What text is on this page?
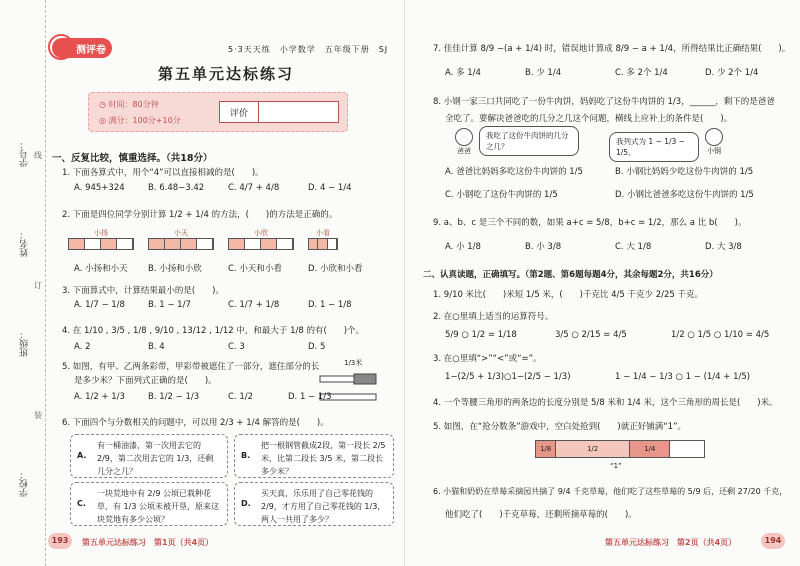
学校：
班级：
姓名：
学号： 线
订
装
测评卷	5·3天天练　小学数学　五年级下册　SJ
第五单元达标练习
◷ 时间：80分钟
◎ 满分：100分+10分
评价
一、反复比较，慎重选择。（共18分）
1. 下面各算式中，用个“4”可以直接相减的是(　　)。
A. 945+324	B. 6.48−3.42	C. 4/7 + 4/8	D. 4 − 1/4
2. 下面是四位同学分别计算 1/2 + 1/4 的方法，(　　)的方法是正确的。
小扬	小天	小欣	小看
A. 小扬和小天 B. 小扬和小欣	C. 小天和小看	D. 小欣和小看
3. 下面算式中，计算结果最小的是(　　)。
A. 1/7 − 1/8	B. 1 − 1/7	C. 1/7 + 1/8	D. 1 − 1/8
4. 在 1/10 , 3/5 , 1/8 , 9/10 , 13/12 , 1/12 中，和最大于 1/8 的有(　　)个。
A. 2	B. 4	C. 3	D. 5
5. 如图，有甲、乙两条彩带，甲彩带被遮住了一部分，遮住部分的长
是多少米？下面列式正确的是(　　)。
1/3米
A. 1/2 + 1/3	B. 1/2 − 1/3	C. 1/2	D. 1 − 1/3
6. 下面四个与分数相关的问题中，可以用 2/3 + 1/4 解答的是(　　)。
A.
有一桶油漆，第一次用去它的 2/9，第二次用去它的 1/3，还剩几分之几？
B.
把一根钢管截成2段，第一段长 2/5 米，比第二段长 3/5 米，第二段长多少米？
C.
一块荒地中有 2/9 公顷已栽种花草，有 1/3 公顷未被开垦，原来这块荒地有多少公顷？
D.
买天真，乐乐用了自己零花钱的 2/9，才方用了自己零花钱的 1/3，两人一共用了多少？
193	第五单元达标练习　第1页（共4页）
7. 佳佳计算 8/9 −(a + 1/4) 时，错误地计算成 8/9 − a + 1/4，所得结果比正确结果(　　)。
A. 多 1/4	B. 少 1/4	C. 多 2个 1/4	D. 少 2个 1/4
8. 小钢一家三口共同吃了一份牛肉饼，妈妈吃了这份牛肉饼的 1/3，______，剩下的是爸爸
全吃了。要解决爸爸吃的几分之几这个问题，横线上应补上的条件是(　　)。
爸爸
我吃了这份牛肉饼的几分之几？
我列式为 1 − 1/3 − 1/5。	小钢
A. 爸爸比妈妈多吃这份牛肉饼的 1/5	B. 小钢比妈妈少吃这份牛肉饼的 1/5
C. 小钢吃了这份牛肉饼的 1/5	D. 小钢比爸爸多吃这份牛肉饼的 1/5
9. a、b、c 是三个不同的数，如果 a+c = 5/8，b+c = 1/2，那么 a 比 b(　　)。
A. 小 1/8	B. 小 3/8	C. 大 1/8	D. 大 3/8
二、认真读题，正确填写。（第2题、第6题每题4分，其余每题2分，共16分）
1. 9/10 米比(　　)米短 1/5 米，(　　)千克比 4/5 千克少 2/25 千克。
2. 在○里填上适当的运算符号。
5/9 ○ 1/2 = 1/18	3/5 ○ 2/15 = 4/5	1/2 ○ 1/5 ○ 1/10 = 4/5
3. 在○里填“>”“<”或“=”。
1−(2/5 + 1/3)○1−(2/5 − 1/3)	1 − 1/4 − 1/3 ○ 1 − (1/4 + 1/5)
4. 一个等腰三角形的两条边的长度分别是 5/8 米和 1/4 米，这个三角形的周长是(　　)米。
5. 如图，在“抢分数条”游戏中，空白处抢到(　　)就正好铺满“1”。
1/8	1/2	1/4
“1”
6. 小猫和奶奶在草莓采摘园共摘了 9/4 千克草莓，他们吃了这些草莓的 5/9 后，还剩 27/20 千克，
他们吃了(　　)千克草莓，还剩所摘草莓的(　　)。
第五单元达标练习　第2页（共4页）	194
